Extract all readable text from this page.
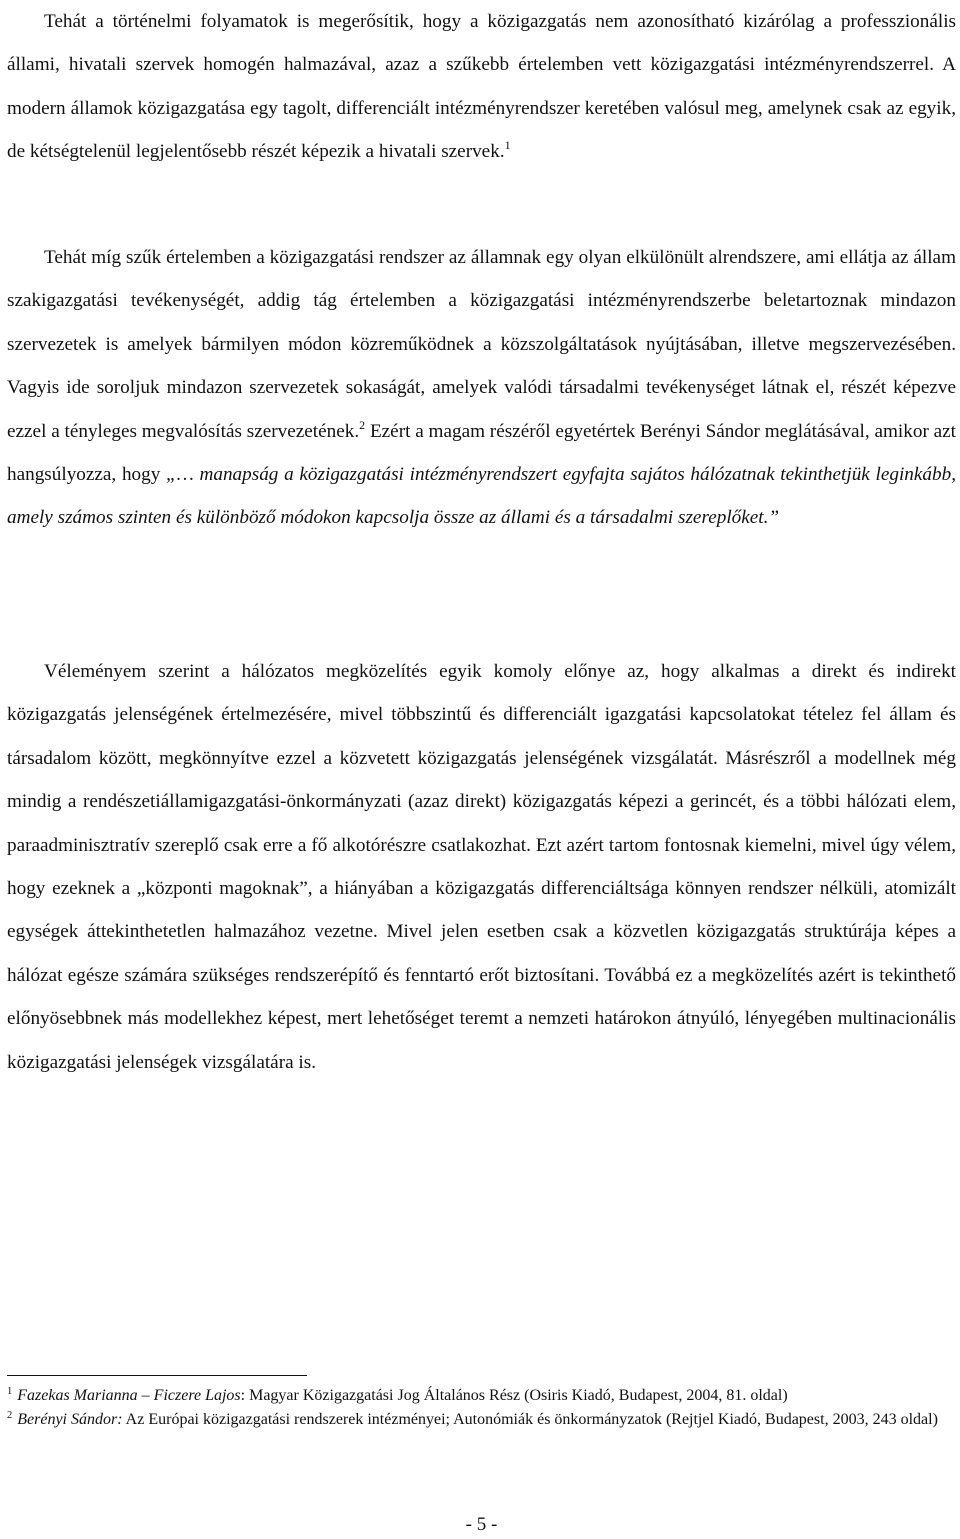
Tehát a történelmi folyamatok is megerősítik, hogy a közigazgatás nem azonosítható kizárólag a professzionális állami, hivatali szervek homogén halmazával, azaz a szűkebb értelemben vett közigazgatási intézményrendszerrel. A modern államok közigazgatása egy tagolt, differenciált intézményrendszer keretében valósul meg, amelynek csak az egyik, de kétségtelenül legjelentősebb részét képezik a hivatali szervek.$^1$

Tehát míg szűk értelemben a közigazgatási rendszer az államnak egy olyan elkülönült alrendszere, ami ellátja az állam szakigazgatási tevékenységét, addig tág értelemben a közigazgatási intézményrendszerbe beletartoznak mindazon szervezetek is amelyek bármilyen módon közreműködnek a közszolgáltatások nyújtásában, illetve megszervezésében. Vagyis ide soroljuk mindazon szervezetek sokaságát, amelyek valódi társadalmi tevékenységet látnak el, részét képezve ezzel a tényleges megvalósítás szervezetének.$^2$ Ezért a magam részéről egyetértek Berényi Sándor meglátásával, amikor azt hangsúlyozza, hogy „… manapság a közigazgatási intézményrendszert egyfajta sajátos hálózatnak tekinthetjük leginkább, amely számos szinten és különböző módokon kapcsolja össze az állami és a társadalmi szereplőket.”

Véleményem szerint a hálózatos megközelítés egyik komoly előnye az, hogy alkalmas a direkt és indirekt közigazgatás jelenségének értelmezésére, mivel többszintű és differenciált igazgatási kapcsolatokat tételez fel állam és társadalom között, megkönnyítve ezzel a közvetett közigazgatás jelenségének vizsgálatát. Másrészről a modellnek még mindig a rendészetiállamigazgatási-önkormányzati (azaz direkt) közigazgatás képezi a gerincét, és a többi hálózati elem, paraadminisztratív szereplő csak erre a fő alkotórészre csatlakozhat. Ezt azért tartom fontosnak kiemelni, mivel úgy vélem, hogy ezeknek a „központi magoknak”, a hiányában a közigazgatás differenciáltsága könnyen rendszer nélküli, atomizált egységek áttekinthetetlen halmazához vezetne. Mivel jelen esetben csak a közvetlen közigazgatás struktúrája képes a hálózat egésze számára szükséges rendszerépítő és fenntartó erőt biztosítani. Továbbá ez a megközelítés azért is tekinthető előnyösebbnek más modellekhez képest, mert lehetőséget teremt a nemzeti határokon átnyúló, lényegében multinacionális közigazgatási jelenségek vizsgálatára is.

$^1$ Fazekas Marianna – Ficzere Lajos: Magyar Közigazgatási Jog Általános Rész (Osiris Kiadó, Budapest, 2004, 81. oldal)

$^2$ Berényi Sándor: Az Európai közigazgatási rendszerek intézményei; Autonómiák és önkormányzatok (Rejtjel Kiadó, Budapest, 2003, 243 oldal)

- 5 -
